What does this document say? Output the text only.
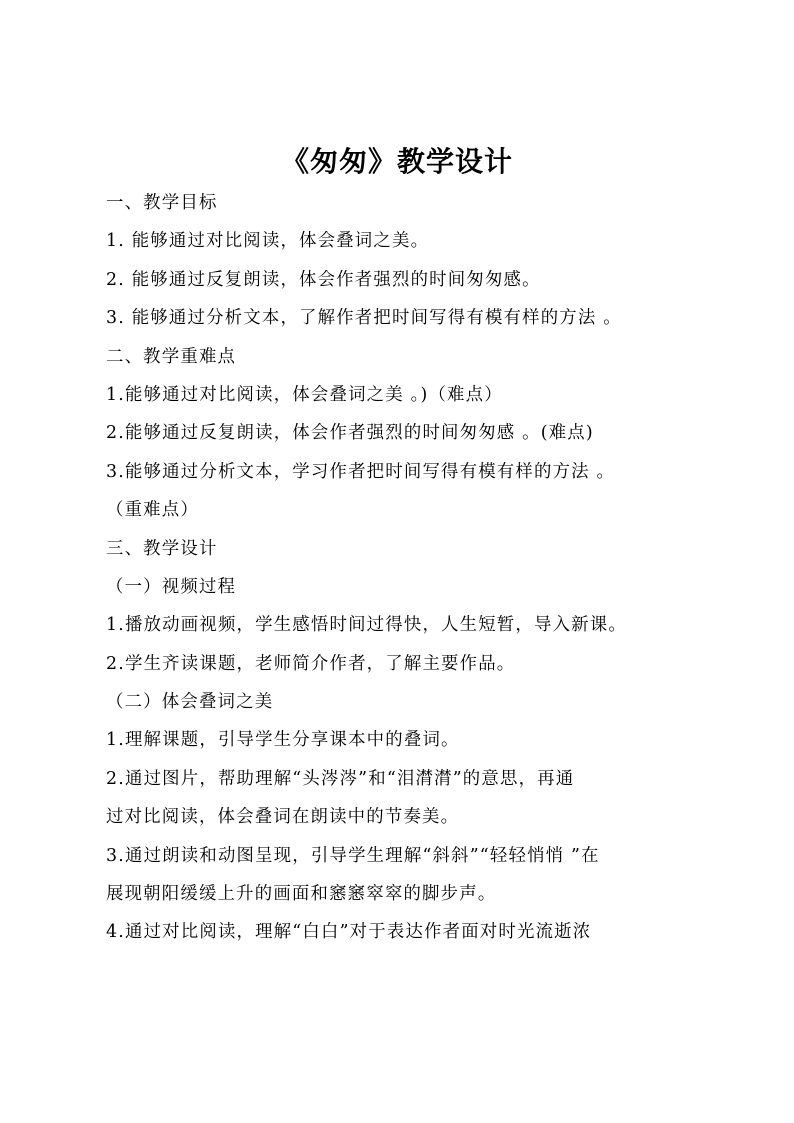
《匆匆》教学设计

一、教学目标

1. 能够通过对比阅读，体会叠词之美。

2. 能够通过反复朗读，体会作者强烈的时间匆匆感。

3. 能够通过分析文本，了解作者把时间写得有模有样的方法 。

二、教学重难点

1.能够通过对比阅读，体会叠词之美 。)（难点）

2.能够通过反复朗读，体会作者强烈的时间匆匆感 。(难点)

3.能够通过分析文本，学习作者把时间写得有模有样的方法 。

（重难点）

三、教学设计

（一）视频过程

1.播放动画视频，学生感悟时间过得快，人生短暂，导入新课。

2.学生齐读课题，老师简介作者，了解主要作品。

（二）体会叠词之美

1.理解课题，引导学生分享课本中的叠词。

2.通过图片，帮助理解“头涔涔”和“泪潸潸”的意思，再通

过对比阅读，体会叠词在朗读中的节奏美。

3.通过朗读和动图呈现，引导学生理解“斜斜”“轻轻悄悄 ”在

展现朝阳缓缓上升的画面和窸窸窣窣的脚步声。

4.通过对比阅读，理解“白白”对于表达作者面对时光流逝浓
